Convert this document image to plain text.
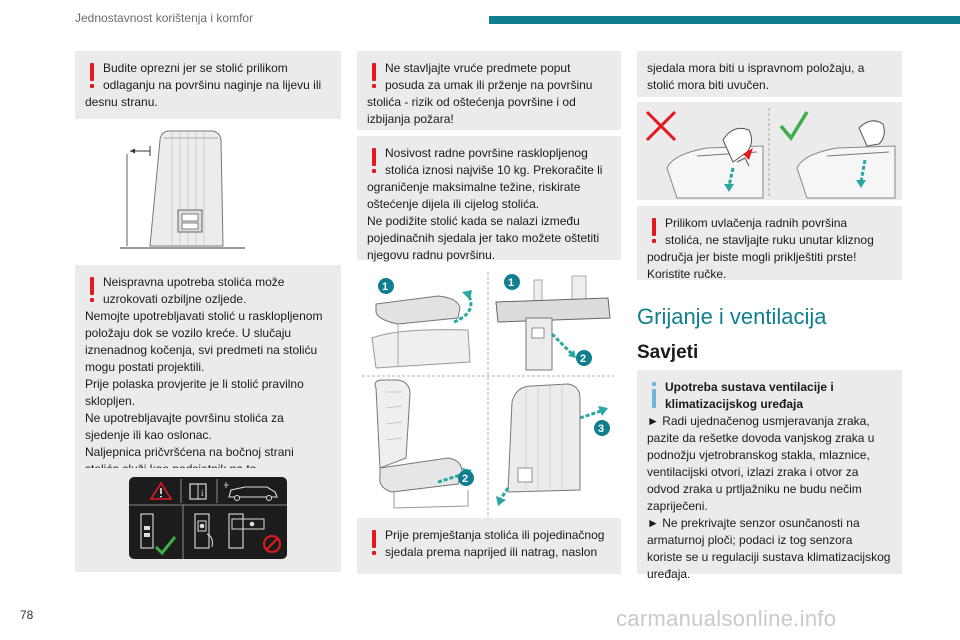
Jednostavnost korištenja i komfor
Budite oprezni jer se stolić prilikom
odlaganju na površinu naginje na lijevu ili
desnu stranu.
Neispravna upotreba stolića može
uzrokovati ozbiljne ozljede.
Nemojte upotrebljavati stolić u rasklopljenom
položaju dok se vozilo kreće. U slučaju
iznenadnog kočenja, svi predmeti na stoliću
mogu postati projektili.
Prije polaska provjerite je li stolić pravilno
sklopljen.
Ne upotrebljavajte površinu stolića za
sjedenje ili kao oslonac.
Naljepnica pričvršćena na bočnoj strani
i
Ne stavljajte vruće predmete poput
posuda za umak ili prženje na površinu
stolića - rizik od oštećenja površine i od
izbijanja požara!
Nosivost radne površine rasklopljenog
stolića iznosi najviše 10 kg. Prekoračite li
ograničenje maksimalne težine, riskirate
oštećenje dijela ili cijelog stolića.
Ne podižite stolić kada se nalazi između
pojedinačnih sjedala jer tako možete oštetiti
njegovu radnu površinu.
1	1
2
2
3
Prije premještanja stolića ili pojedinačnog
sjedala prema naprijed ili natrag, naslon
sjedala mora biti u ispravnom položaju, a
stolić mora biti uvučen.
Prilikom uvlačenja radnih površina
stolića, ne stavljajte ruku unutar kliznog
područja jer biste mogli priklještiti prste!
Koristite ručke.
Grijanje i ventilacija
Savjeti
Upotreba sustava ventilacije i
klimatizacijskog uređaja
► Radi ujednačenog usmjeravanja zraka,
pazite da rešetke dovoda vanjskog zraka u
podnožju vjetrobranskog stakla, mlaznice,
ventilacijski otvori, izlazi zraka i otvor za
odvod zraka u prtljažniku ne budu nečim
zapriječeni.
► Ne prekrivajte senzor osunčanosti na
armaturnoj ploči; podaci iz tog senzora
koriste se u regulaciji sustava klimatizacijskog
uređaja.
78	carmanualsonline.info
